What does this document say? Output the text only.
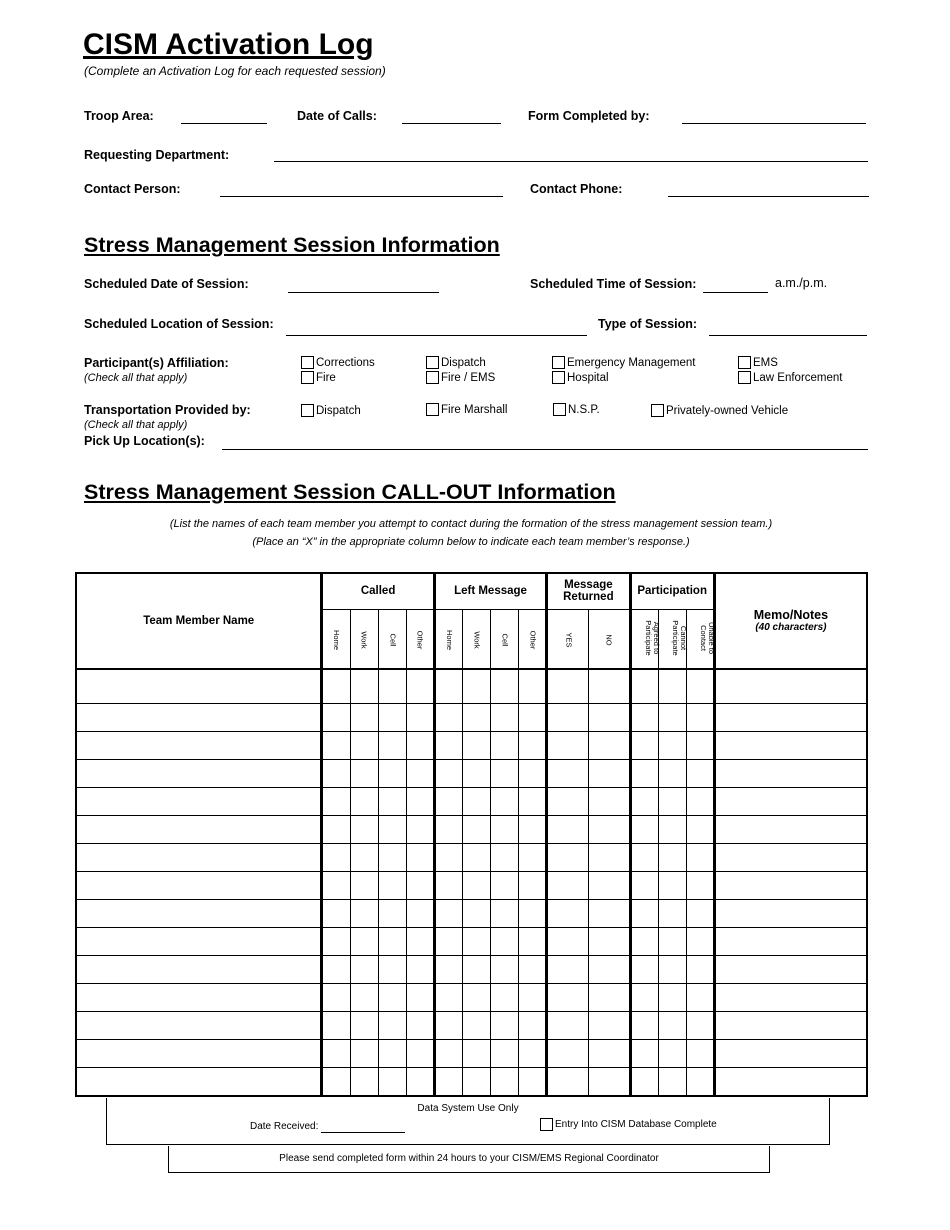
CISM Activation Log
(Complete an Activation Log for each requested session)
Troop Area:	Date of Calls:	Form Completed by:
Requesting Department:
Contact Person:	Contact Phone:
Stress Management Session Information
Scheduled Date of Session:	Scheduled Time of Session:	a.m./p.m.
Scheduled Location of Session:	Type of Session:
Participant(s) Affiliation:
(Check all that apply)
Corrections
Fire
Dispatch
Fire / EMS
Emergency Management
Hospital
EMS
Law Enforcement
Transportation Provided by:
(Check all that apply)
Pick Up Location(s):
Dispatch	Fire Marshall	N.S.P.	Privately-owned Vehicle
Stress Management Session CALL-OUT Information
(List the names of each team member you attempt to contact during the formation of the stress management session team.)
(Place an “X” in the appropriate column below to indicate each team member’s response.)
Team Member Name	Called				Left Message				Message Returned		Participation			Memo/Notes
(40 characters)

	Home	Work	Cell	Other	Home	Work	Cell	Other	YES	NO	Agreed to Participate	Cannot Participate	Unable to Contact	

Data System Use Only
Date Received:	Entry Into CISM Database Complete
Please send completed form within 24 hours to your CISM/EMS Regional Coordinator
